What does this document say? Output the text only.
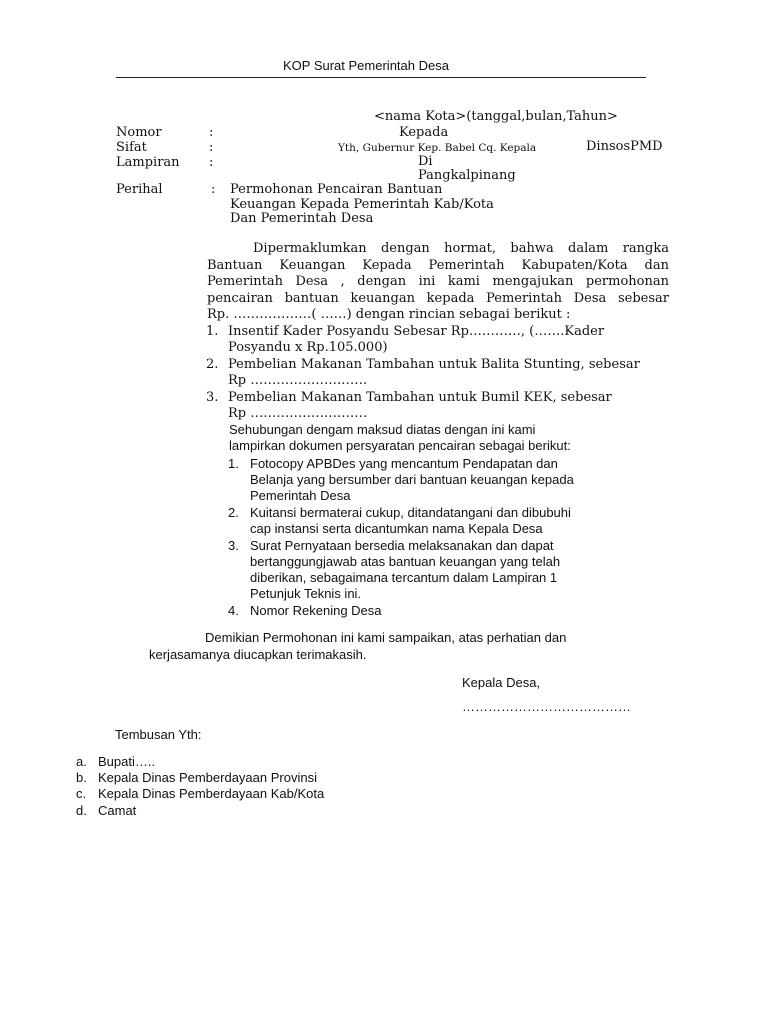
KOP Surat Pemerintah Desa
<nama Kota>(tanggal,bulan,Tahun>
Nomor	:
Sifat	:
Lampiran :
Kepada
Yth, Gubernur Kep. Babel Cq. Kepala	DinsosPMD
Di
Pangkalpinang
Perihal	: Permohonan Pencairan Bantuan
Keuangan Kepada Pemerintah Kab/Kota
Dan Pemerintah Desa
Dipermaklumkan dengan hormat, bahwa dalam rangka
Bantuan Keuangan Kepada Pemerintah Kabupaten/Kota dan
Pemerintah Desa , dengan ini kami mengajukan permohonan
pencairan bantuan keuangan kepada Pemerintah Desa sebesar
Rp. ………………( ……) dengan rincian sebagai berikut :
1. Insentif Kader Posyandu Sebesar Rp…………, (…….Kader
Posyandu x Rp.105.000)
2. Pembelian Makanan Tambahan untuk Balita Stunting, sebesar
Rp ………………………
3. Pembelian Makanan Tambahan untuk Bumil KEK, sebesar
Rp ………………………
Sehubungan dengam maksud diatas dengan ini kami
lampirkan dokumen persyaratan pencairan sebagai berikut:
1. Fotocopy APBDes yang mencantum Pendapatan dan
Belanja yang bersumber dari bantuan keuangan kepada
Pemerintah Desa
2. Kuitansi bermaterai cukup, ditandatangani dan dibubuhi
cap instansi serta dicantumkan nama Kepala Desa
3. Surat Pernyataan bersedia melaksanakan dan dapat
bertanggungjawab atas bantuan keuangan yang telah
diberikan, sebagaimana tercantum dalam Lampiran 1
Petunjuk Teknis ini.
4. Nomor Rekening Desa
Demikian Permohonan ini kami sampaikan, atas perhatian dan
kerjasamanya diucapkan terimakasih.
Kepala Desa,
…………………………………
Tembusan Yth:
a. Bupati…..
b. Kepala Dinas Pemberdayaan Provinsi
c. Kepala Dinas Pemberdayaan Kab/Kota
d. Camat
